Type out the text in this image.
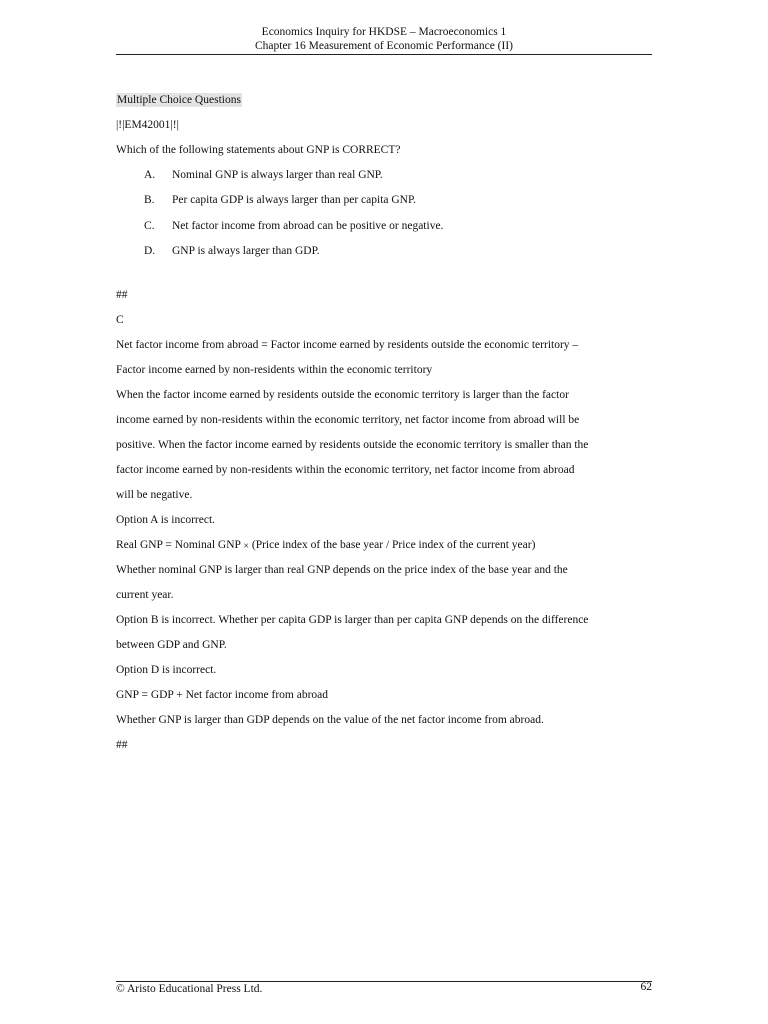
Economics Inquiry for HKDSE – Macroeconomics 1
Chapter 16 Measurement of Economic Performance (II)
Multiple Choice Questions
|!|EM42001|!|
Which of the following statements about GNP is CORRECT?
A. Nominal GNP is always larger than real GNP.
B. Per capita GDP is always larger than per capita GNP.
C. Net factor income from abroad can be positive or negative.
D. GNP is always larger than GDP.
##
C
Net factor income from abroad = Factor income earned by residents outside the economic territory –
Factor income earned by non-residents within the economic territory
When the factor income earned by residents outside the economic territory is larger than the factor
income earned by non-residents within the economic territory, net factor income from abroad will be
positive. When the factor income earned by residents outside the economic territory is smaller than the
factor income earned by non-residents within the economic territory, net factor income from abroad
will be negative.
Option A is incorrect.
Real GNP = Nominal GNP × (Price index of the base year / Price index of the current year)
Whether nominal GNP is larger than real GNP depends on the price index of the base year and the
current year.
Option B is incorrect. Whether per capita GDP is larger than per capita GNP depends on the difference
between GDP and GNP.
Option D is incorrect.
GNP = GDP + Net factor income from abroad
Whether GNP is larger than GDP depends on the value of the net factor income from abroad.
##
© Aristo Educational Press Ltd.	62
